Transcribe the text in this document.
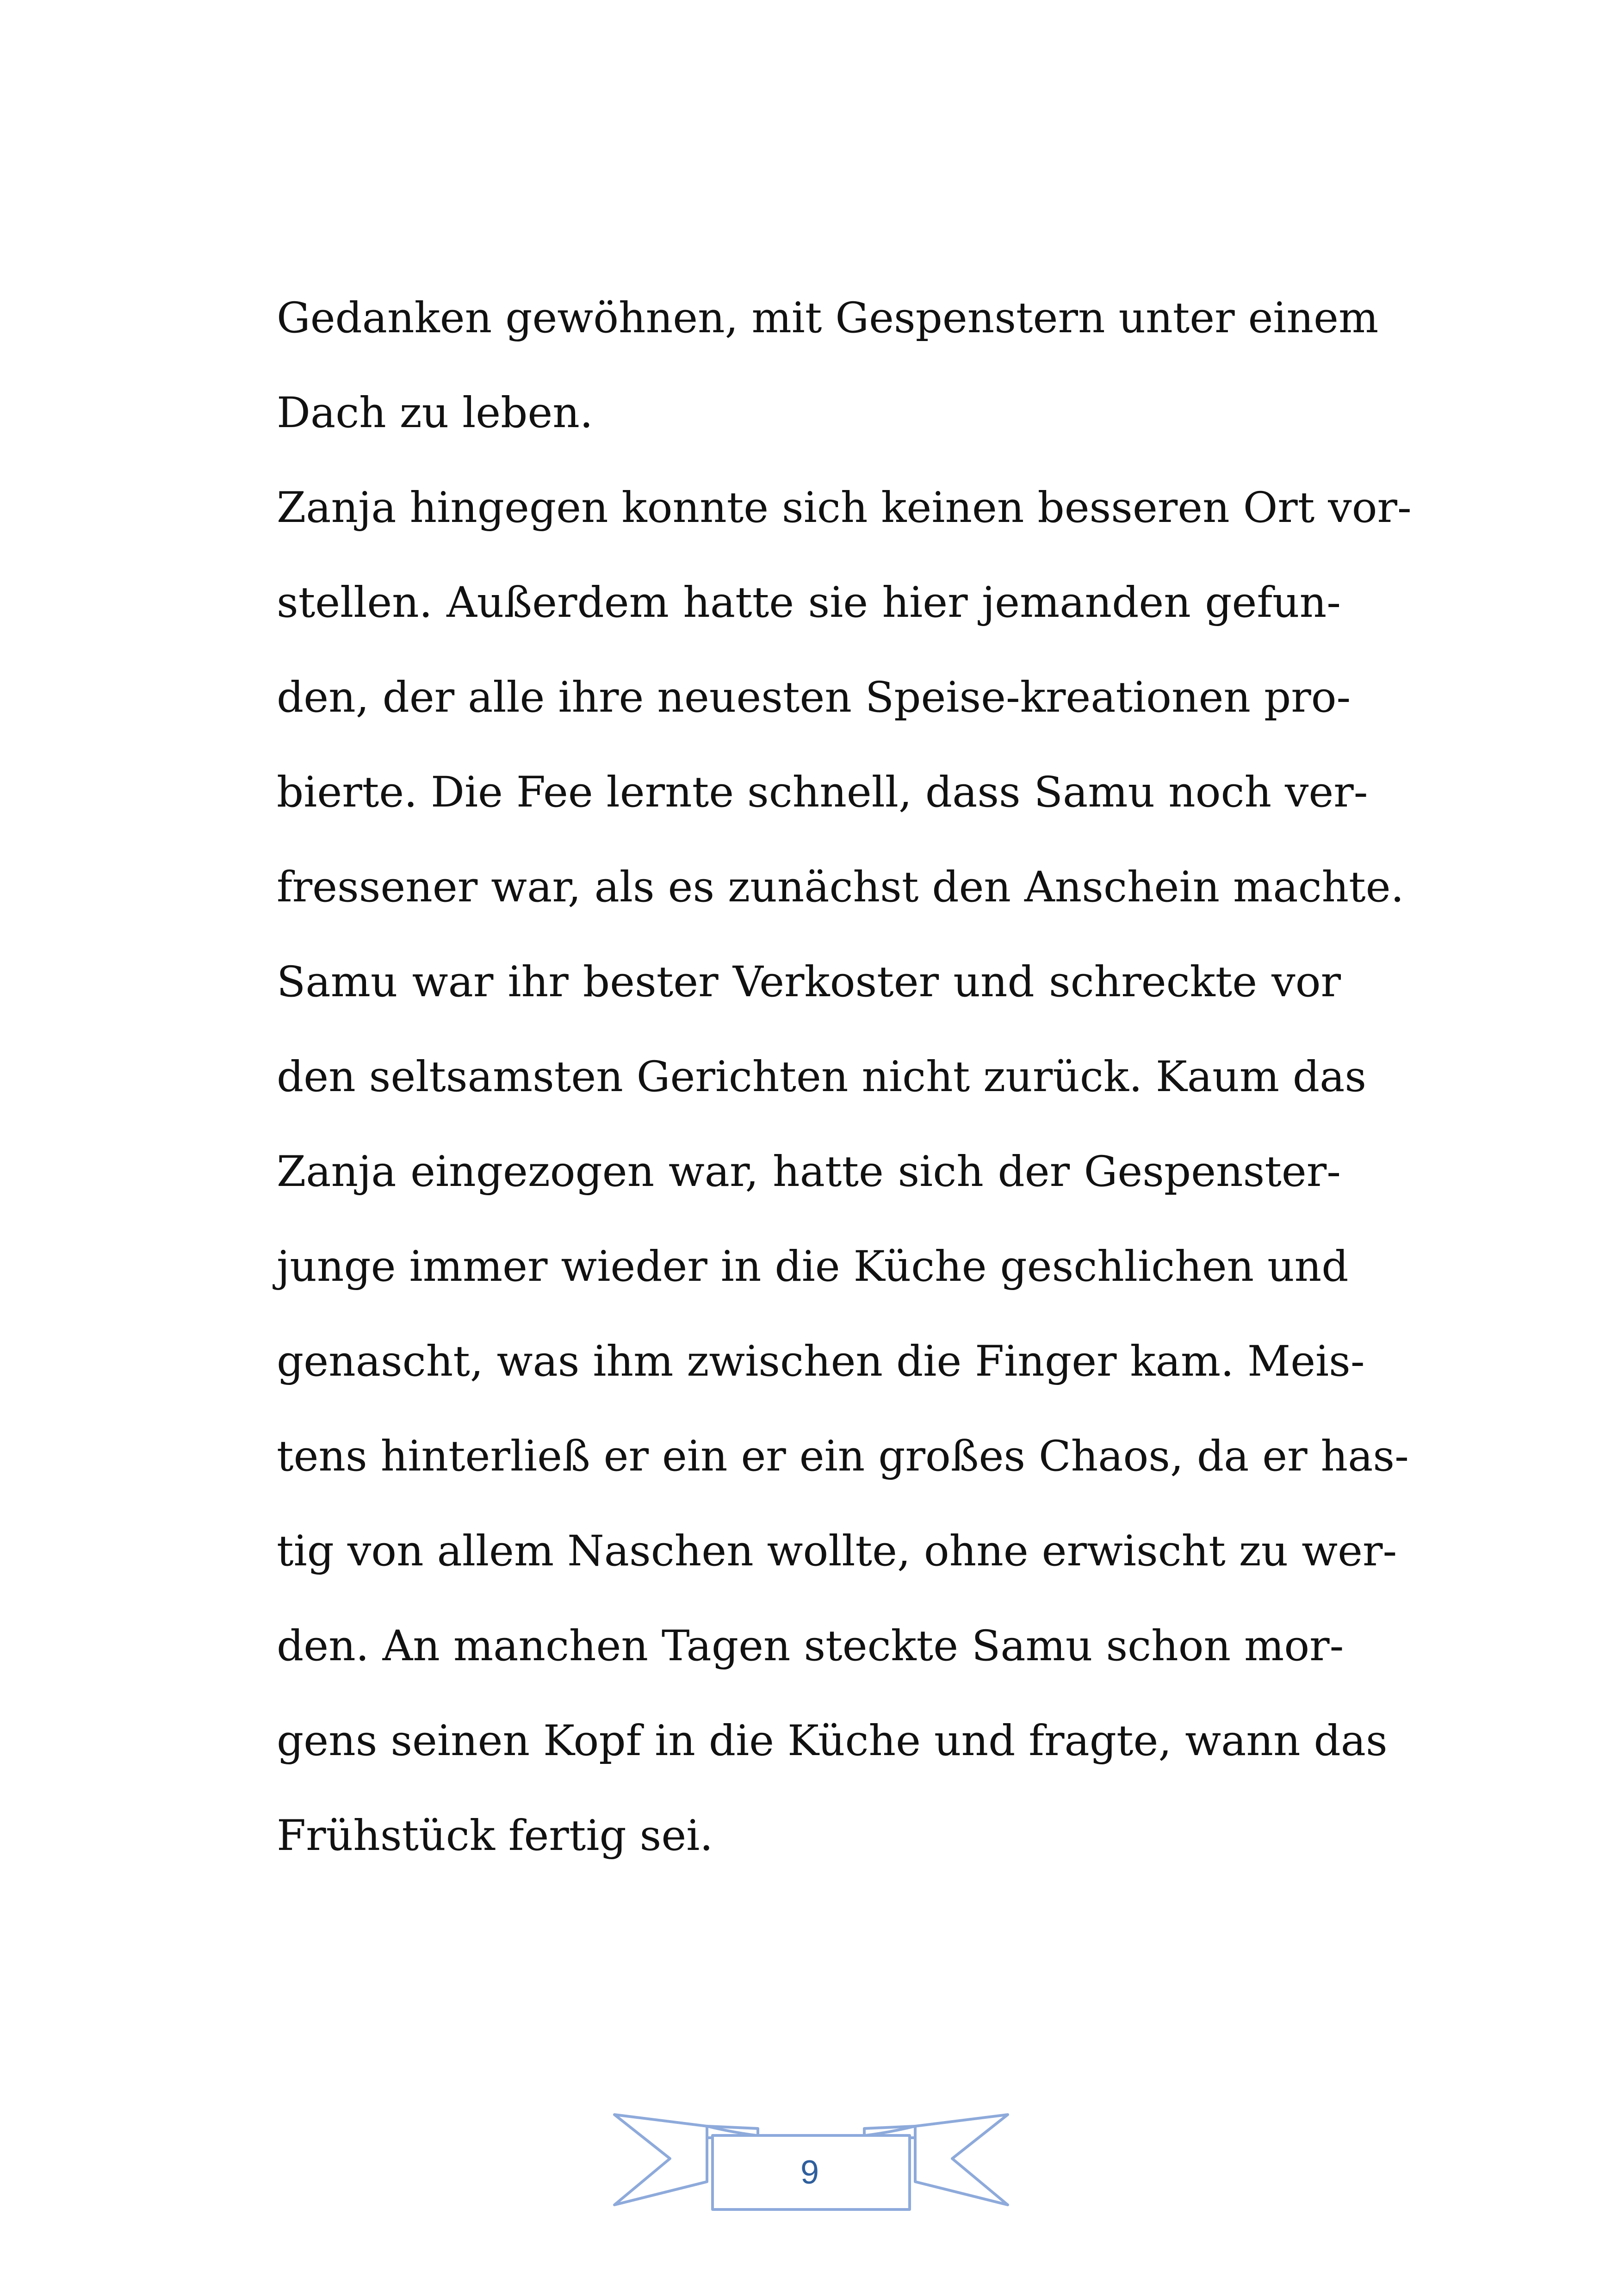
Gedanken gewöhnen, mit Gespenstern unter einem
Dach zu leben.
Zanja hingegen konnte sich keinen besseren Ort vor-
stellen. Außerdem hatte sie hier jemanden gefun-
den, der alle ihre neuesten Speise-kreationen pro-
bierte. Die Fee lernte schnell, dass Samu noch ver-
fressener war, als es zunächst den Anschein machte.
Samu war ihr bester Verkoster und schreckte vor
den seltsamsten Gerichten nicht zurück. Kaum das
Zanja eingezogen war, hatte sich der Gespenster-
junge immer wieder in die Küche geschlichen und
genascht, was ihm zwischen die Finger kam. Meis-
tens hinterließ er ein er ein großes Chaos, da er has-
tig von allem Naschen wollte, ohne erwischt zu wer-
den. An manchen Tagen steckte Samu schon mor-
gens seinen Kopf in die Küche und fragte, wann das
Frühstück fertig sei.
9
